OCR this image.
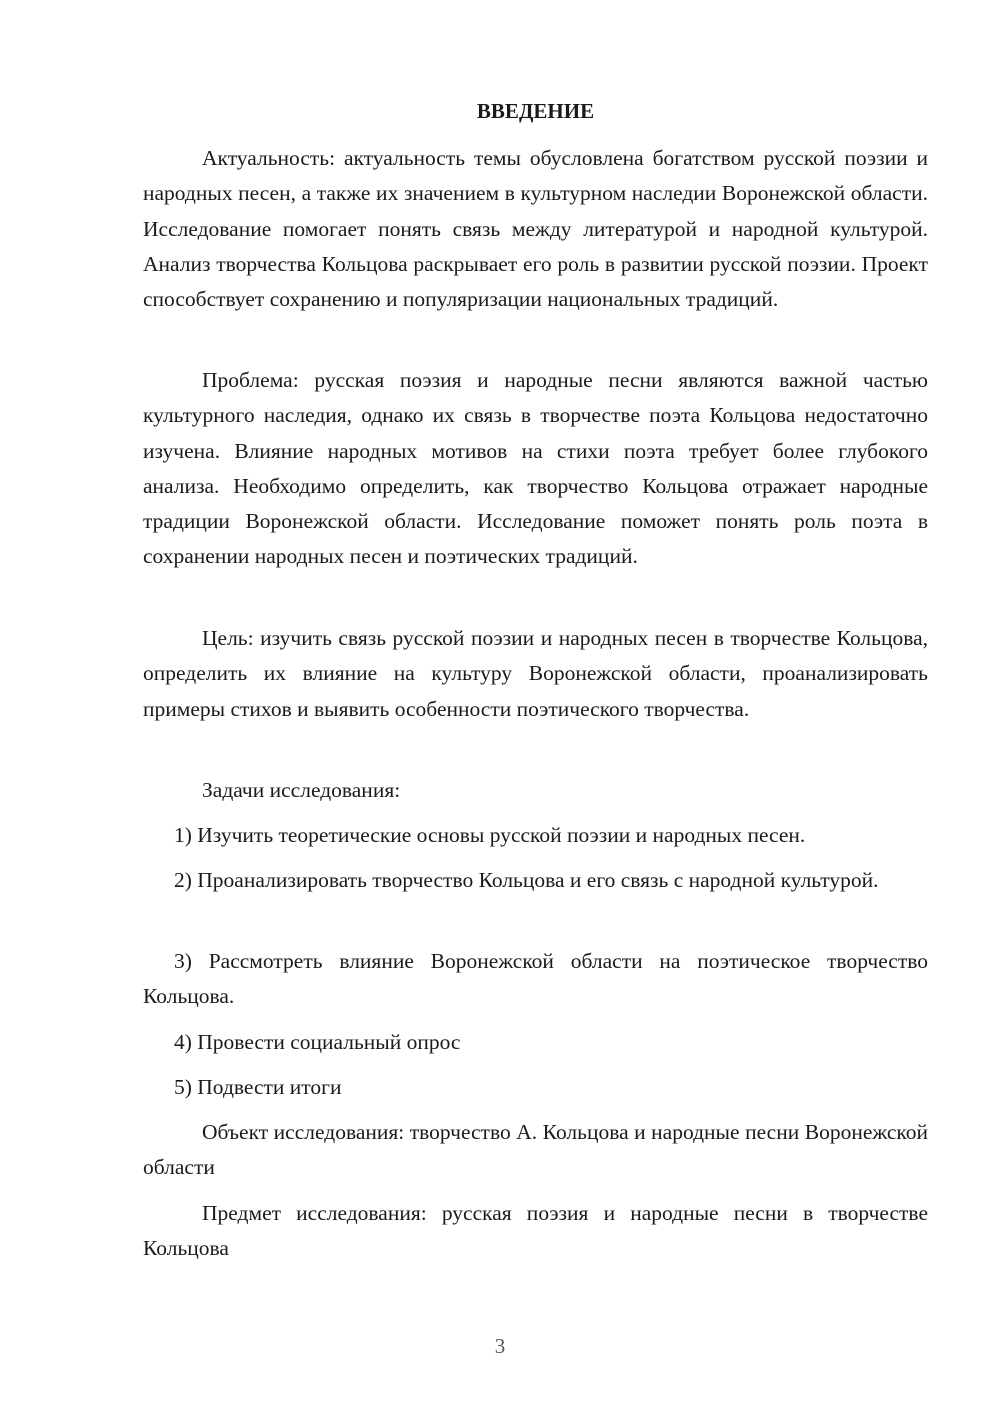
ВВЕДЕНИЕ

Актуальность: актуальность темы обусловлена богатством русской поэзии и народных песен, а также их значением в культурном наследии Воронежской области. Исследование помогает понять связь между литературой и народной культурой. Анализ творчества Кольцова раскрывает его роль в развитии русской поэзии. Проект способствует сохранению и популяризации национальных традиций.

Проблема: русская поэзия и народные песни являются важной частью культурного наследия, однако их связь в творчестве поэта Кольцова недостаточно изучена. Влияние народных мотивов на стихи поэта требует более глубокого анализа. Необходимо определить, как творчество Кольцова отражает народные традиции Воронежской области. Исследование поможет понять роль поэта в сохранении народных песен и поэтических традиций.

Цель: изучить связь русской поэзии и народных песен в творчестве Кольцова, определить их влияние на культуру Воронежской области, проанализировать примеры стихов и выявить особенности поэтического творчества.

Задачи исследования:

1) Изучить теоретические основы русской поэзии и народных песен.

2) Проанализировать творчество Кольцова и его связь с народной культурой.

3) Рассмотреть влияние Воронежской области на поэтическое творчество Кольцова.

4) Провести социальный опрос

5) Подвести итоги

Объект исследования: творчество А. Кольцова и народные песни Воронежской области

Предмет исследования: русская поэзия и народные песни в творчестве Кольцова

3
